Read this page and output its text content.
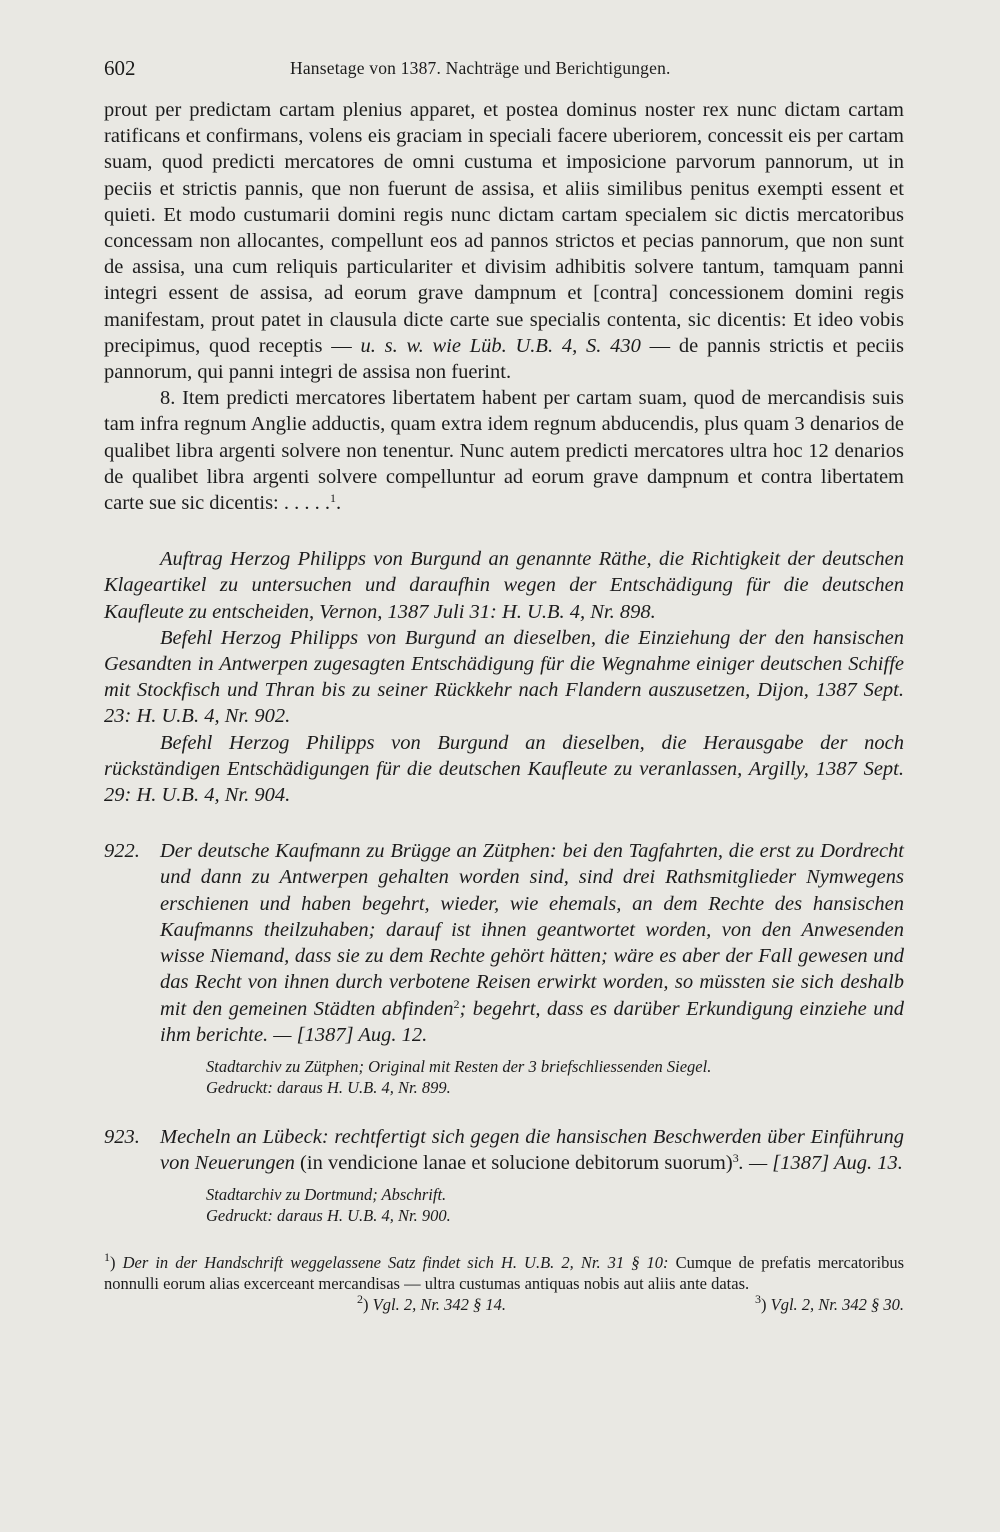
602	Hansetage von 1387. Nachträge und Berichtigungen.

prout per predictam cartam plenius apparet, et postea dominus noster rex nunc dictam cartam ratificans et confirmans, volens eis graciam in speciali facere uberiorem, concessit eis per cartam suam, quod predicti mercatores de omni custuma et imposicione parvorum pannorum, ut in peciis et strictis pannis, que non fuerunt de assisa, et aliis similibus penitus exempti essent et quieti. Et modo custumarii domini regis nunc dictam cartam specialem sic dictis mercatoribus concessam non allocantes, compellunt eos ad pannos strictos et pecias pannorum, que non sunt de assisa, una cum reliquis particulariter et divisim adhibitis solvere tantum, tamquam panni integri essent de assisa, ad eorum grave dampnum et [contra] concessionem domini regis manifestam, prout patet in clausula dicte carte sue specialis contenta, sic dicentis: Et ideo vobis precipimus, quod receptis — u. s. w. wie Lüb. U.B. 4, S. 430 — de pannis strictis et peciis pannorum, qui panni integri de assisa non fuerint.

8. Item predicti mercatores libertatem habent per cartam suam, quod de mercandisis suis tam infra regnum Anglie adductis, quam extra idem regnum abducendis, plus quam 3 denarios de qualibet libra argenti solvere non tenentur. Nunc autem predicti mercatores ultra hoc 12 denarios de qualibet libra argenti solvere compelluntur ad eorum grave dampnum et contra libertatem carte sue sic dicentis: . . . . .$^1$.

Auftrag Herzog Philipps von Burgund an genannte Räthe, die Richtigkeit der deutschen Klageartikel zu untersuchen und daraufhin wegen der Entschädigung für die deutschen Kaufleute zu entscheiden, Vernon, 1387 Juli 31: H. U.B. 4, Nr. 898.

Befehl Herzog Philipps von Burgund an dieselben, die Einziehung der den hansischen Gesandten in Antwerpen zugesagten Entschädigung für die Wegnahme einiger deutschen Schiffe mit Stockfisch und Thran bis zu seiner Rückkehr nach Flandern auszusetzen, Dijon, 1387 Sept. 23: H. U.B. 4, Nr. 902.

Befehl Herzog Philipps von Burgund an dieselben, die Herausgabe der noch rückständigen Entschädigungen für die deutschen Kaufleute zu veranlassen, Argilly, 1387 Sept. 29: H. U.B. 4, Nr. 904.

922. Der deutsche Kaufmann zu Brügge an Zütphen: bei den Tagfahrten, die erst zu Dordrecht und dann zu Antwerpen gehalten worden sind, sind drei Rathsmitglieder Nymwegens erschienen und haben begehrt, wieder, wie ehemals, an dem Rechte des hansischen Kaufmanns theilzuhaben; darauf ist ihnen geantwortet worden, von den Anwesenden wisse Niemand, dass sie zu dem Rechte gehört hätten; wäre es aber der Fall gewesen und das Recht von ihnen durch verbotene Reisen erwirkt worden, so müssten sie sich deshalb mit den gemeinen Städten abfinden$^2$; begehrt, dass es darüber Erkundigung einziehe und ihm berichte. — [1387] Aug. 12.

Stadtarchiv zu Zütphen; Original mit Resten der 3 briefschliessenden Siegel.

Gedruckt: daraus H. U.B. 4, Nr. 899.

923. Mecheln an Lübeck: rechtfertigt sich gegen die hansischen Beschwerden über Einführung von Neuerungen (in vendicione lanae et solucione debitorum suorum)$^3$. — [1387] Aug. 13.

Stadtarchiv zu Dortmund; Abschrift.

Gedruckt: daraus H. U.B. 4, Nr. 900.

$^1$) Der in der Handschrift weggelassene Satz findet sich H. U.B. 2, Nr. 31 § 10: Cumque de prefatis mercatoribus nonnulli eorum alias excerceant mercandisas — ultra custumas antiquas nobis aut aliis ante datas.

$^2$) Vgl. 2, Nr. 342 § 14.	$^3$) Vgl. 2, Nr. 342 § 30.
